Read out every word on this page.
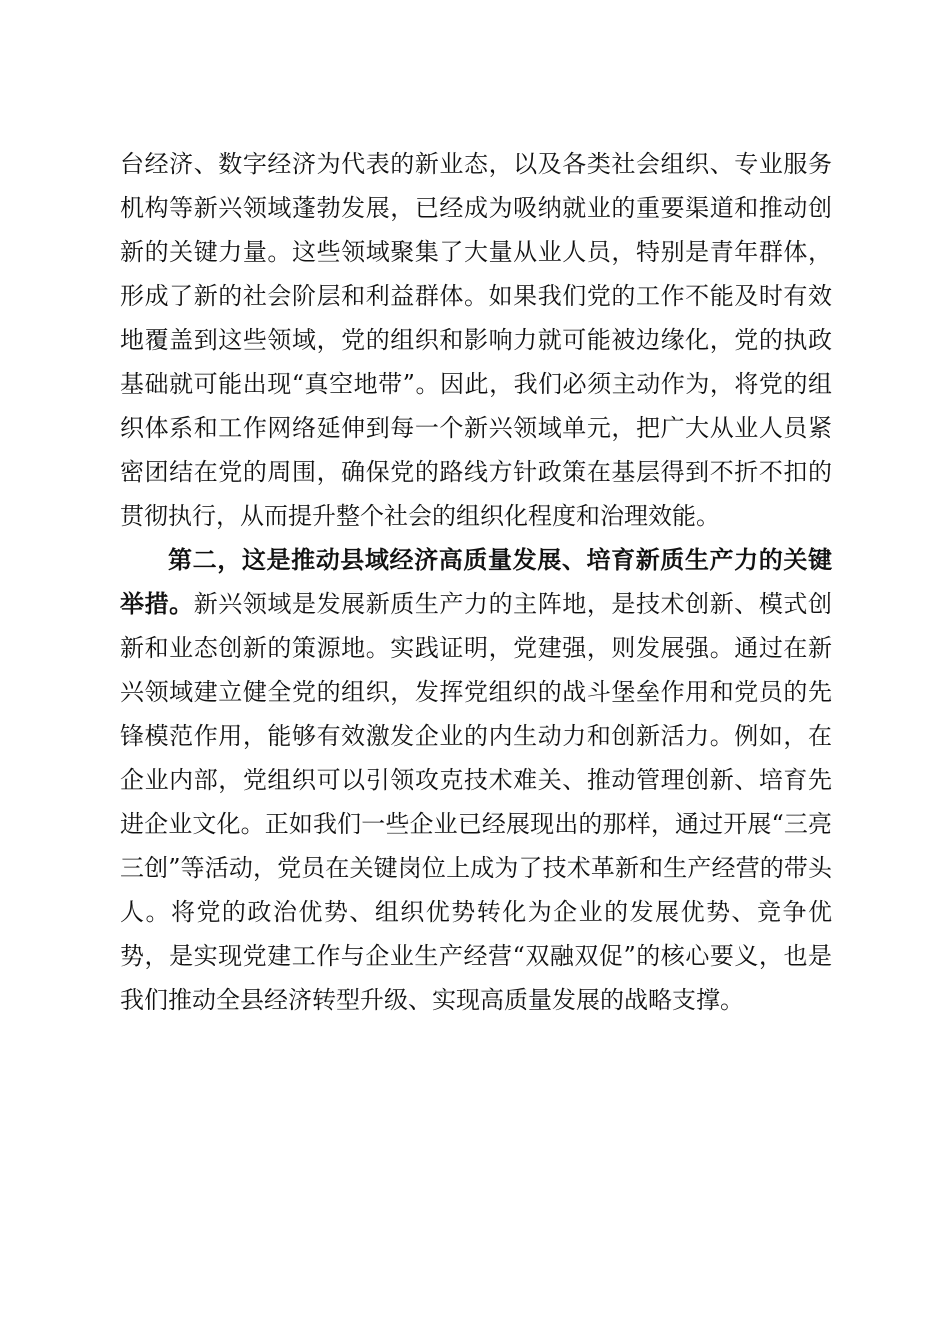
台经济、数字经济为代表的新业态，以及各类社会组织、专业服务机构等新兴领域蓬勃发展，已经成为吸纳就业的重要渠道和推动创新的关键力量。这些领域聚集了大量从业人员，特别是青年群体，形成了新的社会阶层和利益群体。如果我们党的工作不能及时有效地覆盖到这些领域，党的组织和影响力就可能被边缘化，党的执政基础就可能出现“真空地带”。因此，我们必须主动作为，将党的组织体系和工作网络延伸到每一个新兴领域单元，把广大从业人员紧密团结在党的周围，确保党的路线方针政策在基层得到不折不扣的贯彻执行，从而提升整个社会的组织化程度和治理效能。

第二，这是推动县域经济高质量发展、培育新质生产力的关键举措。新兴领域是发展新质生产力的主阵地，是技术创新、模式创新和业态创新的策源地。实践证明，党建强，则发展强。通过在新兴领域建立健全党的组织，发挥党组织的战斗堡垒作用和党员的先锋模范作用，能够有效激发企业的内生动力和创新活力。例如，在企业内部，党组织可以引领攻克技术难关、推动管理创新、培育先进企业文化。正如我们一些企业已经展现出的那样，通过开展“三亮三创”等活动，党员在关键岗位上成为了技术革新和生产经营的带头人。将党的政治优势、组织优势转化为企业的发展优势、竞争优势，是实现党建工作与企业生产经营“双融双促”的核心要义，也是我们推动全县经济转型升级、实现高质量发展的战略支撑。
